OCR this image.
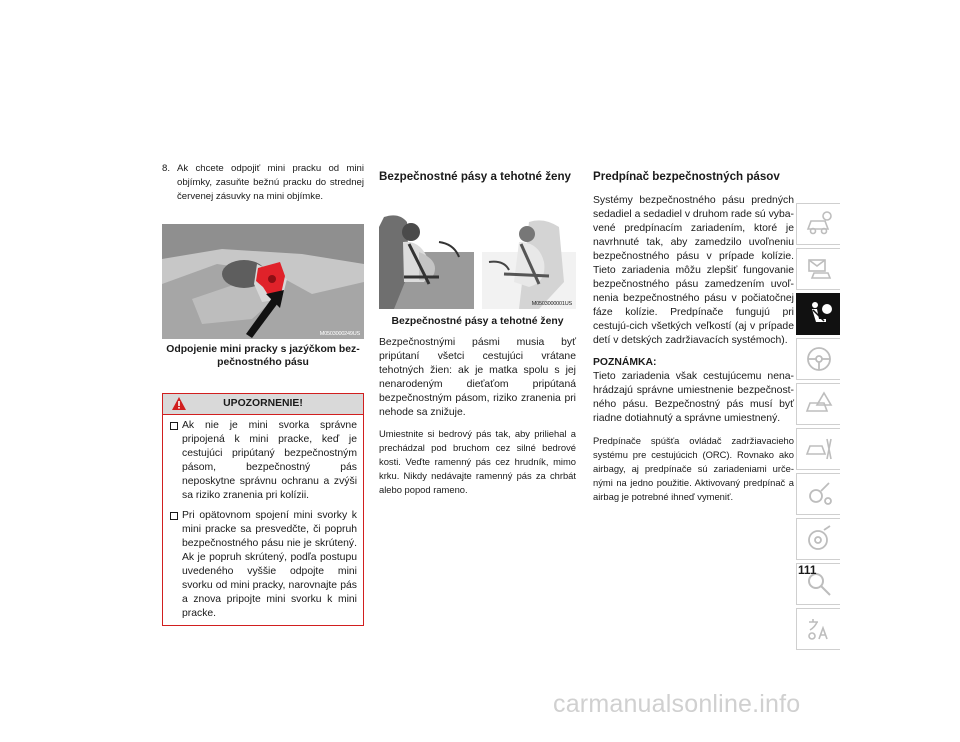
8. Ak chcete odpojiť mini pracku od mini objímky, zasuňte bežnú pracku do strednej červenej zásuvky na mini objímke.
M0503000249US
Odpojenie mini pracky s jazýčkom bez-pečnostného pásu
UPOZORNENIE!
Ak nie je mini svorka správne pripojená k mini pracke, keď je cestujúci pripútaný bezpečnostným pásom, bezpečnostný pás neposkytne správnu ochranu a zvýši sa riziko zranenia pri kolízii.
Pri opätovnom spojení mini svorky k mini pracke sa presvedčte, či popruh bezpečnostného pásu nie je skrútený. Ak je popruh skrútený, podľa postupu uvedeného vyššie odpojte mini svorku od mini pracky, narovnajte pás a znova pripojte mini svorku k mini pracke.
Bezpečnostné pásy a tehotné ženy
M0503000001US
Bezpečnostné pásy a tehotné ženy
Bezpečnostnými pásmi musia byť pripútaní všetci cestujúci vrátane tehotných žien: ak je matka spolu s jej nenarodeným dieťaťom pripútaná bezpečnostným pásom, riziko zranenia pri nehode sa znižuje.
Umiestnite si bedrový pás tak, aby priliehal a prechádzal pod bruchom cez silné bedrové kosti. Veďte ramenný pás cez hrudník, mimo krku. Nikdy nedávajte ramenný pás za chrbát alebo popod rameno.
Predpínač bezpečnostných pásov
Systémy bezpečnostného pásu predných sedadiel a sedadiel v druhom rade sú vyba-vené predpínacím zariadením, ktoré je navrhnuté tak, aby zamedzilo uvoľneniu bezpečnostného pásu v prípade kolízie. Tieto zariadenia môžu zlepšiť fungovanie bezpečnostného pásu zamedzením uvoľ-nenia bezpečnostného pásu v počiatočnej fáze kolízie. Predpínače fungujú pri cestujú-cich všetkých veľkostí (aj v prípade detí v detských zadržiavacích systémoch).
POZNÁMKA:
Tieto zariadenia však cestujúcemu nena-hrádzajú správne umiestnenie bezpečnost-ného pásu. Bezpečnostný pás musí byť riadne dotiahnutý a správne umiestnený.
Predpínače spúšťa ovládač zadržiavacieho systému pre cestujúcich (ORC). Rovnako ako airbagy, aj predpínače sú zariadeniami urče-nými na jedno použitie. Aktivovaný predpínač a airbag je potrebné ihneď vymeniť.
111
carmanualsonline.info
